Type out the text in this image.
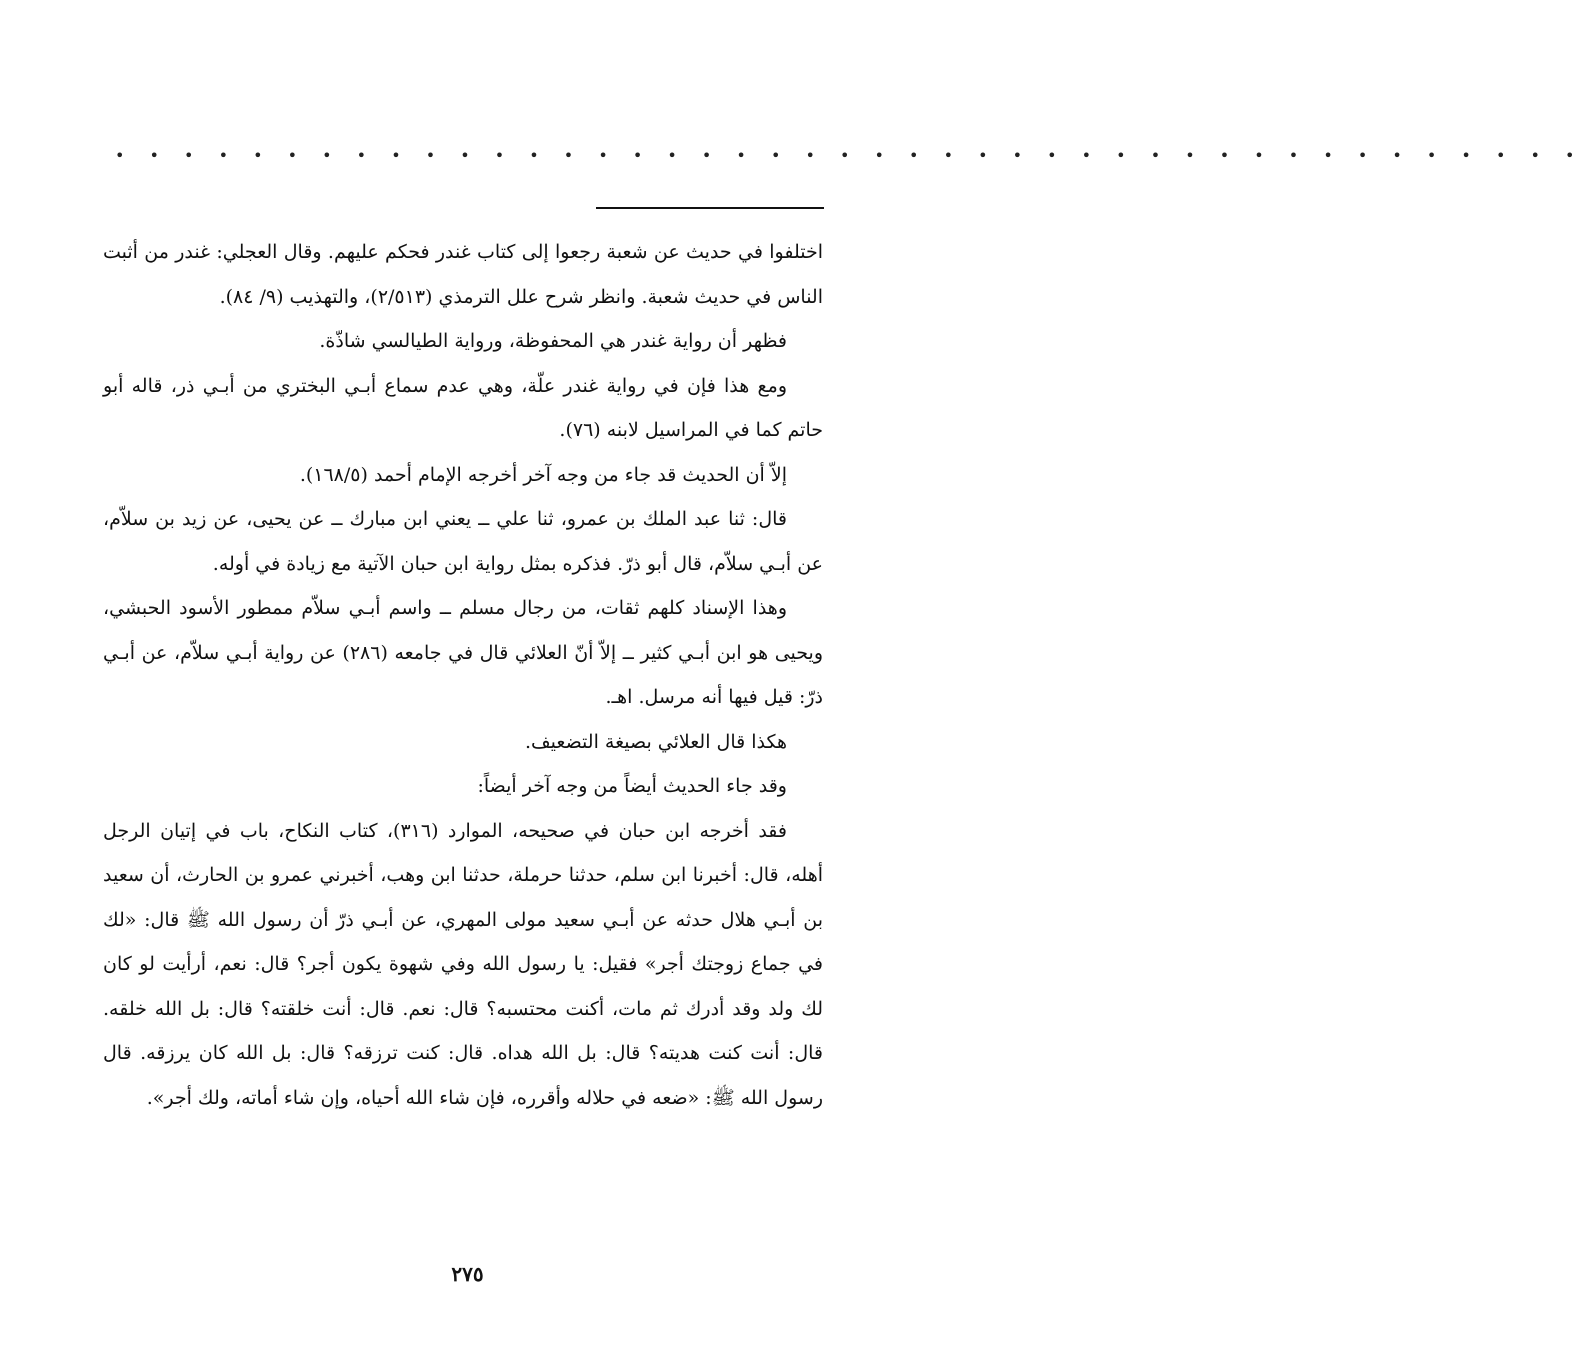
• • • • • • • • • • • • • • • • • • • • • • • • • • • • • • • • • • • • • • • • • • •

اختلفوا في حديث عن شعبة رجعوا إلى كتاب غندر فحكم عليهم. وقال العجلي: غندر من أثبت الناس في حديث شعبة. وانظر شرح علل الترمذي (٢/٥١٣)، والتهذيب (٩/ ٨٤).

فظهر أن رواية غندر هي المحفوظة، ورواية الطيالسي شاذّة.

ومع هذا فإن في رواية غندر علّة، وهي عدم سماع أبـي البختري من أبـي ذر، قاله أبو حاتم كما في المراسيل لابنه (٧٦).

إلاّ أن الحديث قد جاء من وجه آخر أخرجه الإمام أحمد (١٦٨/٥).

قال: ثنا عبد الملك بن عمرو، ثنا علي ــ يعني ابن مبارك ــ عن يحيى، عن زيد بن سلاّم، عن أبـي سلاّم، قال أبو ذرّ. فذكره بمثل رواية ابن حبان الآتية مع زيادة في أوله.

وهذا الإسناد كلهم ثقات، من رجال مسلم ــ واسم أبـي سلاّم ممطور الأسود الحبشي، ويحيى هو ابن أبـي كثير ــ إلاّ أنّ العلائي قال في جامعه (٢٨٦) عن رواية أبـي سلاّم، عن أبـي ذرّ: قيل فيها أنه مرسل. اهـ.

هكذا قال العلائي بصيغة التضعيف.

وقد جاء الحديث أيضاً من وجه آخر أيضاً:

فقد أخرجه ابن حبان في صحيحه، الموارد (٣١٦)، كتاب النكاح، باب في إتيان الرجل أهله، قال: أخبرنا ابن سلم، حدثنا حرملة، حدثنا ابن وهب، أخبرني عمرو بن الحارث، أن سعيد بن أبـي هلال حدثه عن أبـي سعيد مولى المهري، عن أبـي ذرّ أن رسول الله ﷺ قال: «لك في جماع زوجتك أجر» فقيل: يا رسول الله وفي شهوة يكون أجر؟ قال: نعم، أرأيت لو كان لك ولد وقد أدرك ثم مات، أكنت محتسبه؟ قال: نعم. قال: أنت خلقته؟ قال: بل الله خلقه. قال: أنت كنت هديته؟ قال: بل الله هداه. قال: كنت ترزقه؟ قال: بل الله كان يرزقه. قال رسول الله ﷺ: «ضعه في حلاله وأقرره، فإن شاء الله أحياه، وإن شاء أماته، ولك أجر».

٢٧٥
